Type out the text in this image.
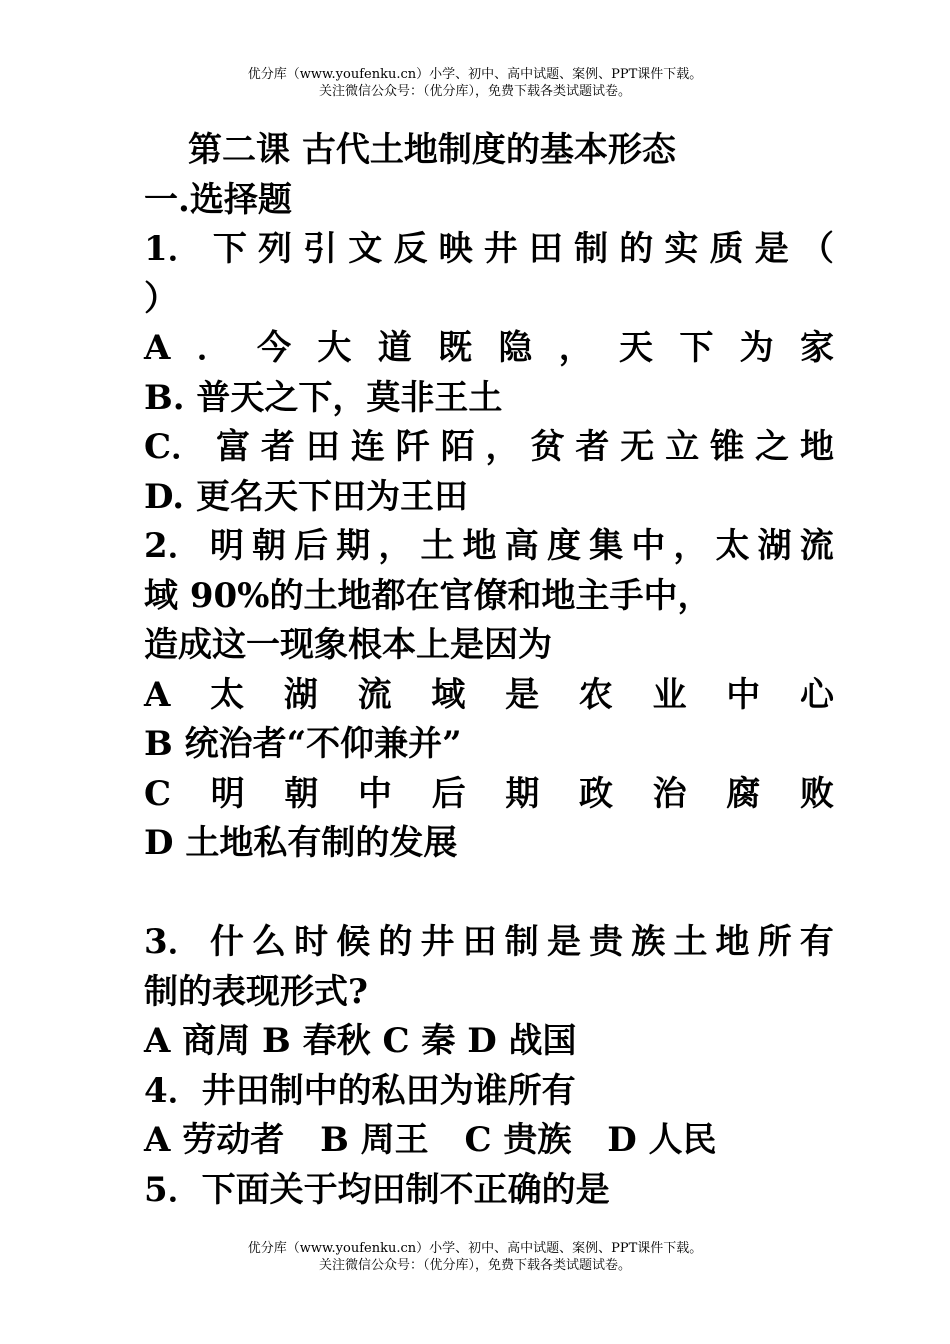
优分库（www.youfenku.cn）小学、初中、高中试题、案例、PPT课件下载。
关注微信公众号：（优分库），免费下载各类试题试卷。
第二课 古代土地制度的基本形态
一.选择题
1． 下 列 引 文 反 映 井 田 制 的 实 质 是 （
）
A ． 今 大 道 既 隐 ， 天 下 为 家
B. 普天之下，莫非王土
C． 富 者 田 连 阡 陌 ， 贫 者 无 立 锥 之 地
D. 更名天下田为王田
2． 明 朝 后 期 ， 土 地 高 度 集 中 ， 太 湖 流
域 90%的土地都在官僚和地主手中，
造成这一现象根本上是因为
A 太 湖 流 域 是 农 业 中 心
B 统治者“不仰兼并”
C 明 朝 中 后 期 政 治 腐 败
D 土地私有制的发展
3． 什 么 时 候 的 井 田 制 是 贵 族 土 地 所 有
制的表现形式?
A 商周 B 春秋 C 秦 D 战国
4．井田制中的私田为谁所有
A 劳动者 B 周王 C 贵族 D 人民
5．下面关于均田制不正确的是
优分库（www.youfenku.cn）小学、初中、高中试题、案例、PPT课件下载。
关注微信公众号：（优分库），免费下载各类试题试卷。
